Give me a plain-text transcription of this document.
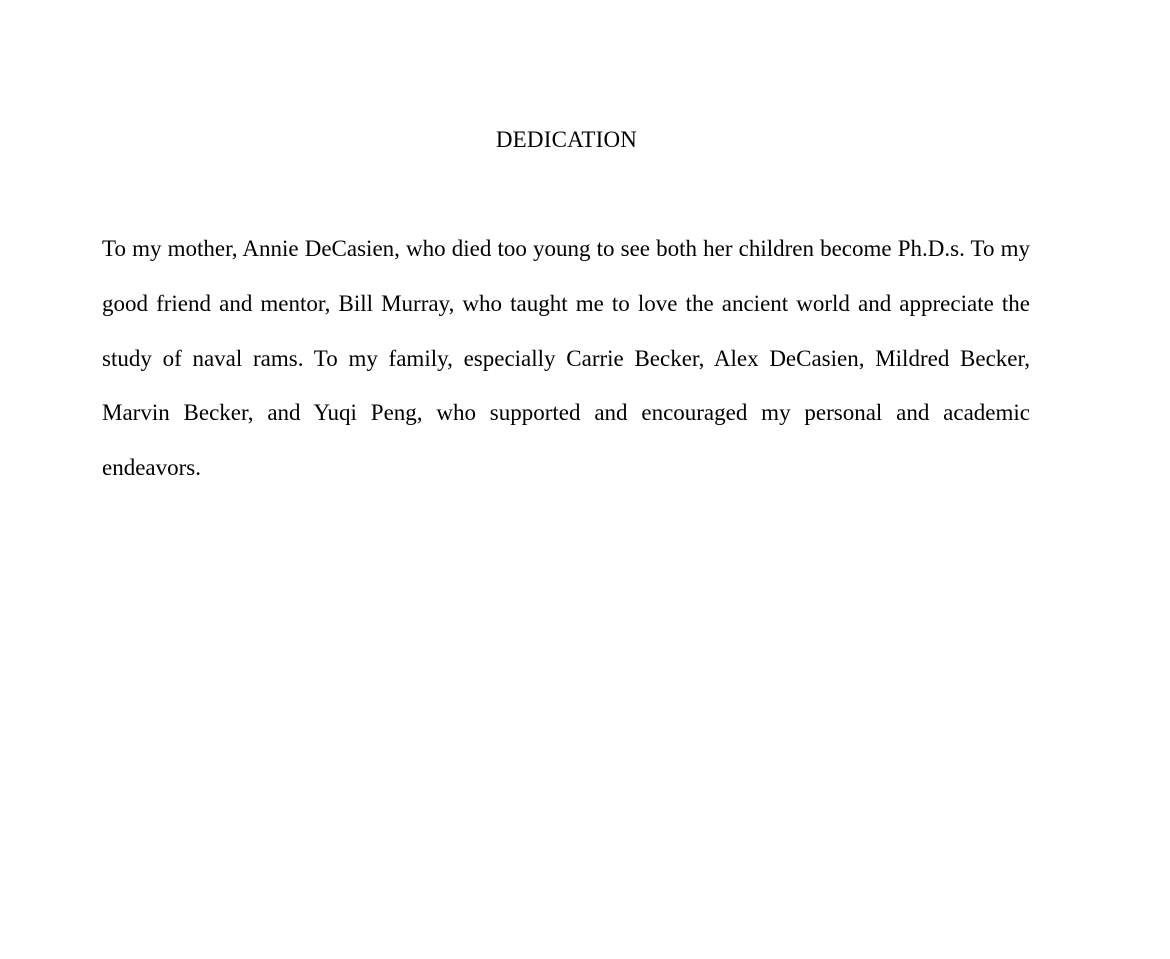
DEDICATION

To my mother, Annie DeCasien, who died too young to see both her children become Ph.D.s. To my good friend and mentor, Bill Murray, who taught me to love the ancient world and appreciate the study of naval rams. To my family, especially Carrie Becker, Alex DeCasien, Mildred Becker, Marvin Becker, and Yuqi Peng, who supported and encouraged my personal and academic endeavors.
